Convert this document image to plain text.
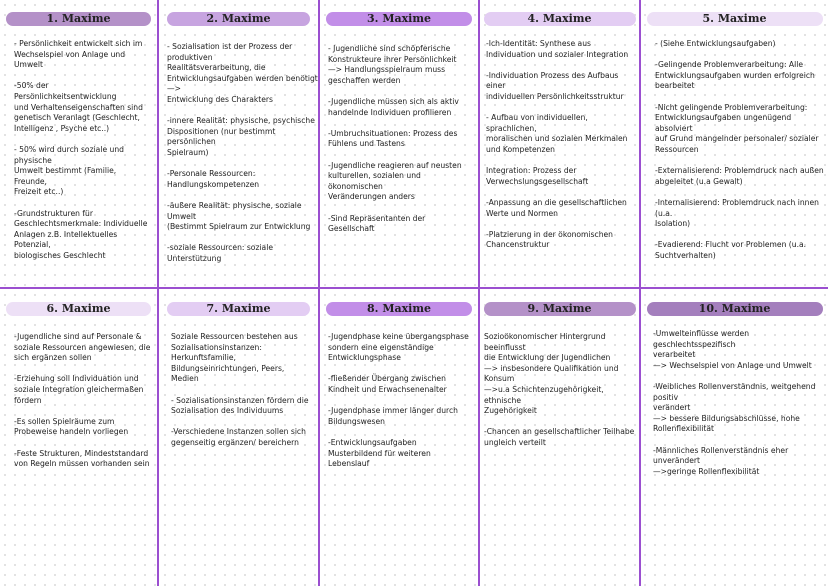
1. Maxime
- Persönlichkeit entwickelt sich im
Wechselspiel von Anlage und Umwelt
-50% der Persönlichkeitsentwicklung
und Verhaltenseigenschaften sind
genetisch Veranlagt (Geschlecht,
Intelligenz , Psyche etc..)
- 50% wird durch soziale und physische
Umwelt bestimmt (Familie, Freunde,
Freizeit etc..)
-Grundstrukturen für
Geschlechtsmerkmale: Individuelle
Anlagen z.B. Intellektuelles Potenzial,
biologisches Geschlecht
2. Maxime
- Sozialisation ist der Prozess der produktiven
Realitätsverarbeitung, die
Entwicklungsaufgaben werden benötigt —>
Entwicklung des Charakters
-innere Realität: physische, psychische
Dispositionen (nur bestimmt persönlichen
Spielraum)
-Personale Ressourcen:
Handlungskompetenzen
-äußere Realität: physische, soziale Umwelt
(Bestimmt Spielraum zur Entwicklung
-soziale Ressourcen: soziale Unterstützung
3. Maxime
- Jugendliche sind schöpferische
Konstrukteure ihrer Persönlichkeit
—> Handlungsspielraum muss
geschaffen werden
-Jugendliche müssen sich als aktiv
handelnde Individuen profilieren
-Umbruchsituationen: Prozess des
Fühlens und Tastens
-Jugendliche reagieren auf neusten
kulturellen, sozialen und ökonomischen
Veränderungen anders
-Sind Repräsentanten der Gesellschaft
4. Maxime
-Ich-Identität: Synthese aus
Individuation und sozialer Integration
-Individuation Prozess des Aufbaus einer
individuellen Persönlichkeitsstruktur
- Aufbau von individuellen, sprachlichen,
moralischen und sozialen Merkmalen
und Kompetenzen
Integration: Prozess der
Verwechslungsgesellschaft
-Anpassung an die gesellschaftlichen
Werte und Normen
-Platzierung in der ökonomischen
Chancenstruktur
5. Maxime
- (Siehe Entwicklungsaufgaben)
-Gelingende Problemverarbeitung: Alle
Entwicklungsaufgaben wurden erfolgreich
bearbeitet
-Nicht gelingende Problemverarbeitung:
Entwicklungsaufgaben ungenügend absolviert
auf Grund mangelnder personaler/ sozialer
Ressourcen
-Externalisierend: Problemdruck nach außen
abgeleitet (u.a Gewalt)
-Internalisierend: Problemdruck nach innen (u.a.
Isolation)
-Evadierend: Flucht vor Problemen (u.a.
Suchtverhalten)
6. Maxime
-Jugendliche sind auf Personale &
soziale Ressourcen angewiesen, die
sich ergänzen sollen
-Erziehung soll Individuation und
soziale Integration gleichermaßen
fördern
-Es sollen Spielräume zum
Probeweise handeln vorliegen
-Feste Strukturen, Mindeststandard
von Regeln müssen vorhanden sein
7. Maxime
Soziale Ressourcen bestehen aus
Sozialisationsinstanzen:
Herkunftsfamilie,
Bildungseinrichtungen, Peers, Medien
- Sozialisationsinstanzen fördern die
Sozialisation des Individuums
-Verschiedene Instanzen sollen sich
gegenseitig ergänzen/ bereichern
8. Maxime
-Jugendphase keine übergangsphase
sondern eine eigenständige
Entwicklungsphase
-fließender Übergang zwischen
Kindheit und Erwachsenenalter
-Jugendphase immer länger durch
Bildungswesen
-Entwicklungsaufgaben
Musterbildend für weiteren
Lebenslauf
9. Maxime
Sozioökonomischer Hintergrund beeinflusst
die Entwicklung der Jugendlichen
—> insbesondere Qualifikation und Konsum
—>u.a Schichtenzugehörigkeit, ethnische
Zugehörigkeit
-Chancen an gesellschaftlicher Teilhabe
ungleich verteilt
10. Maxime
-Umwelteinflüsse werden geschlechtsspezifisch
verarbeitet
—> Wechselspiel von Anlage und Umwelt
-Weibliches Rollenverständnis, weitgehend positiv
verändert
—> bessere Bildungsabschlüsse, hohe
Rollenflexibilität
-Männliches Rollenverständnis eher unverändert
—>geringe Rollenflexibilität
